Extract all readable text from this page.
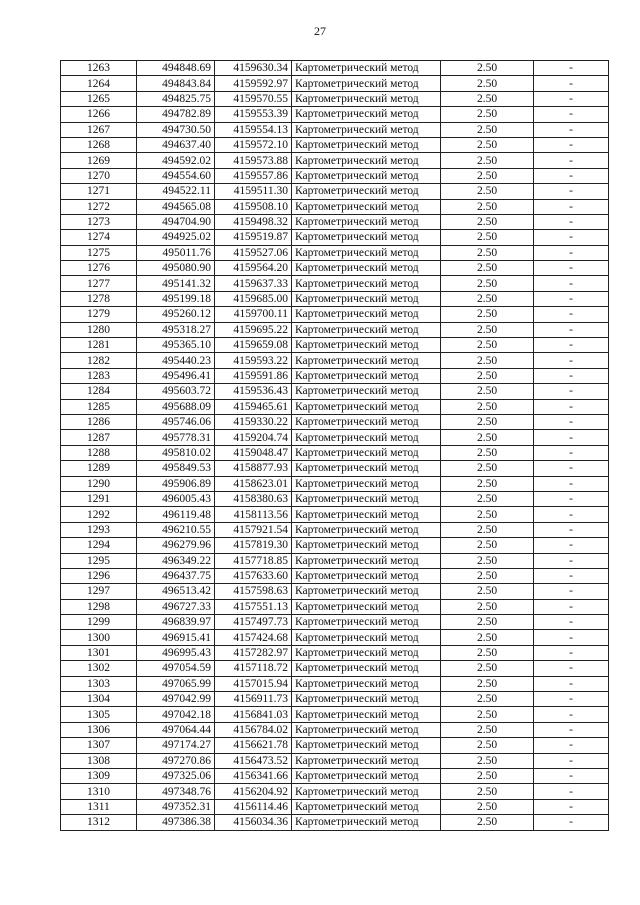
27
1263	494848.69	4159630.34	Картометрический метод	2.50	-
1264	494843.84	4159592.97	Картометрический метод	2.50	-
1265	494825.75	4159570.55	Картометрический метод	2.50	-
1266	494782.89	4159553.39	Картометрический метод	2.50	-
1267	494730.50	4159554.13	Картометрический метод	2.50	-
1268	494637.40	4159572.10	Картометрический метод	2.50	-
1269	494592.02	4159573.88	Картометрический метод	2.50	-
1270	494554.60	4159557.86	Картометрический метод	2.50	-
1271	494522.11	4159511.30	Картометрический метод	2.50	-
1272	494565.08	4159508.10	Картометрический метод	2.50	-
1273	494704.90	4159498.32	Картометрический метод	2.50	-
1274	494925.02	4159519.87	Картометрический метод	2.50	-
1275	495011.76	4159527.06	Картометрический метод	2.50	-
1276	495080.90	4159564.20	Картометрический метод	2.50	-
1277	495141.32	4159637.33	Картометрический метод	2.50	-
1278	495199.18	4159685.00	Картометрический метод	2.50	-
1279	495260.12	4159700.11	Картометрический метод	2.50	-
1280	495318.27	4159695.22	Картометрический метод	2.50	-
1281	495365.10	4159659.08	Картометрический метод	2.50	-
1282	495440.23	4159593.22	Картометрический метод	2.50	-
1283	495496.41	4159591.86	Картометрический метод	2.50	-
1284	495603.72	4159536.43	Картометрический метод	2.50	-
1285	495688.09	4159465.61	Картометрический метод	2.50	-
1286	495746.06	4159330.22	Картометрический метод	2.50	-
1287	495778.31	4159204.74	Картометрический метод	2.50	-
1288	495810.02	4159048.47	Картометрический метод	2.50	-
1289	495849.53	4158877.93	Картометрический метод	2.50	-
1290	495906.89	4158623.01	Картометрический метод	2.50	-
1291	496005.43	4158380.63	Картометрический метод	2.50	-
1292	496119.48	4158113.56	Картометрический метод	2.50	-
1293	496210.55	4157921.54	Картометрический метод	2.50	-
1294	496279.96	4157819.30	Картометрический метод	2.50	-
1295	496349.22	4157718.85	Картометрический метод	2.50	-
1296	496437.75	4157633.60	Картометрический метод	2.50	-
1297	496513.42	4157598.63	Картометрический метод	2.50	-
1298	496727.33	4157551.13	Картометрический метод	2.50	-
1299	496839.97	4157497.73	Картометрический метод	2.50	-
1300	496915.41	4157424.68	Картометрический метод	2.50	-
1301	496995.43	4157282.97	Картометрический метод	2.50	-
1302	497054.59	4157118.72	Картометрический метод	2.50	-
1303	497065.99	4157015.94	Картометрический метод	2.50	-
1304	497042.99	4156911.73	Картометрический метод	2.50	-
1305	497042.18	4156841.03	Картометрический метод	2.50	-
1306	497064.44	4156784.02	Картометрический метод	2.50	-
1307	497174.27	4156621.78	Картометрический метод	2.50	-
1308	497270.86	4156473.52	Картометрический метод	2.50	-
1309	497325.06	4156341.66	Картометрический метод	2.50	-
1310	497348.76	4156204.92	Картометрический метод	2.50	-
1311	497352.31	4156114.46	Картометрический метод	2.50	-
1312	497386.38	4156034.36	Картометрический метод	2.50	-
